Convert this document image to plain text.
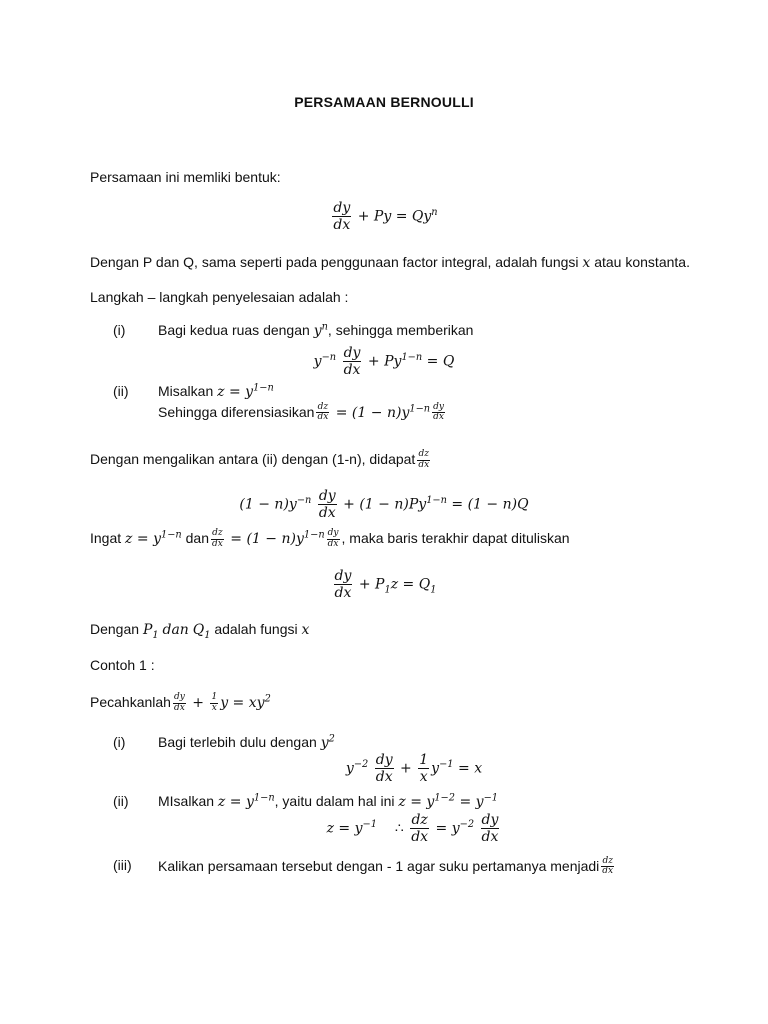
PERSAMAAN BERNOULLI
Persamaan ini memliki bentuk:
$\frac{dy}{dx} + Py = Qy^n$
Dengan P dan Q, sama seperti pada penggunaan factor integral, adalah fungsi x atau konstanta.
Langkah – langkah penyelesaian adalah :
(i) Bagi kedua ruas dengan $y^n$, sehingga memberikan
$y^{-n} \frac{dy}{dx} + Py^{1-n} = Q$
(ii) Misalkan $z = y^{1-n}$
Sehingga diferensiasikan $\frac{dz}{dx} = (1 - n)y^{1-n} \frac{dy}{dx}$
Dengan mengalikan antara (ii) dengan (1-n), didapat $\frac{dz}{dx}$
$(1 - n)y^{-n} \frac{dy}{dx} + (1 - n)Py^{1-n} = (1 - n)Q$
Ingat $z = y^{1-n}$ dan $\frac{dz}{dx} = (1 - n)y^{1-n} \frac{dy}{dx}$ , maka baris terakhir dapat dituliskan
$\frac{dy}{dx} + P_1z = Q_1$
Dengan $P_1$ dan $Q_1$ adalah fungsi x
Contoh 1 :
Pecahkanlah $\frac{dy}{dx} + \frac{1}{x}$ $y = xy^2$
(i) Bagi terlebih dulu dengan $y^2$
$y^{-2} \frac{dy}{dx} + \frac{1}{x} y^{-1} = x$
(ii) MIsalkan $z = y^{1-n}$, yaitu dalam hal ini $z = y^{1-2} = y^{-1}$
$z = y^{-1}$ ∴ $\frac{dz}{dx} = y^{-2} \frac{dy}{dx}$
(iii) Kalikan persamaan tersebut dengan - 1 agar suku pertamanya menjadi $\frac{dz}{dx}$
